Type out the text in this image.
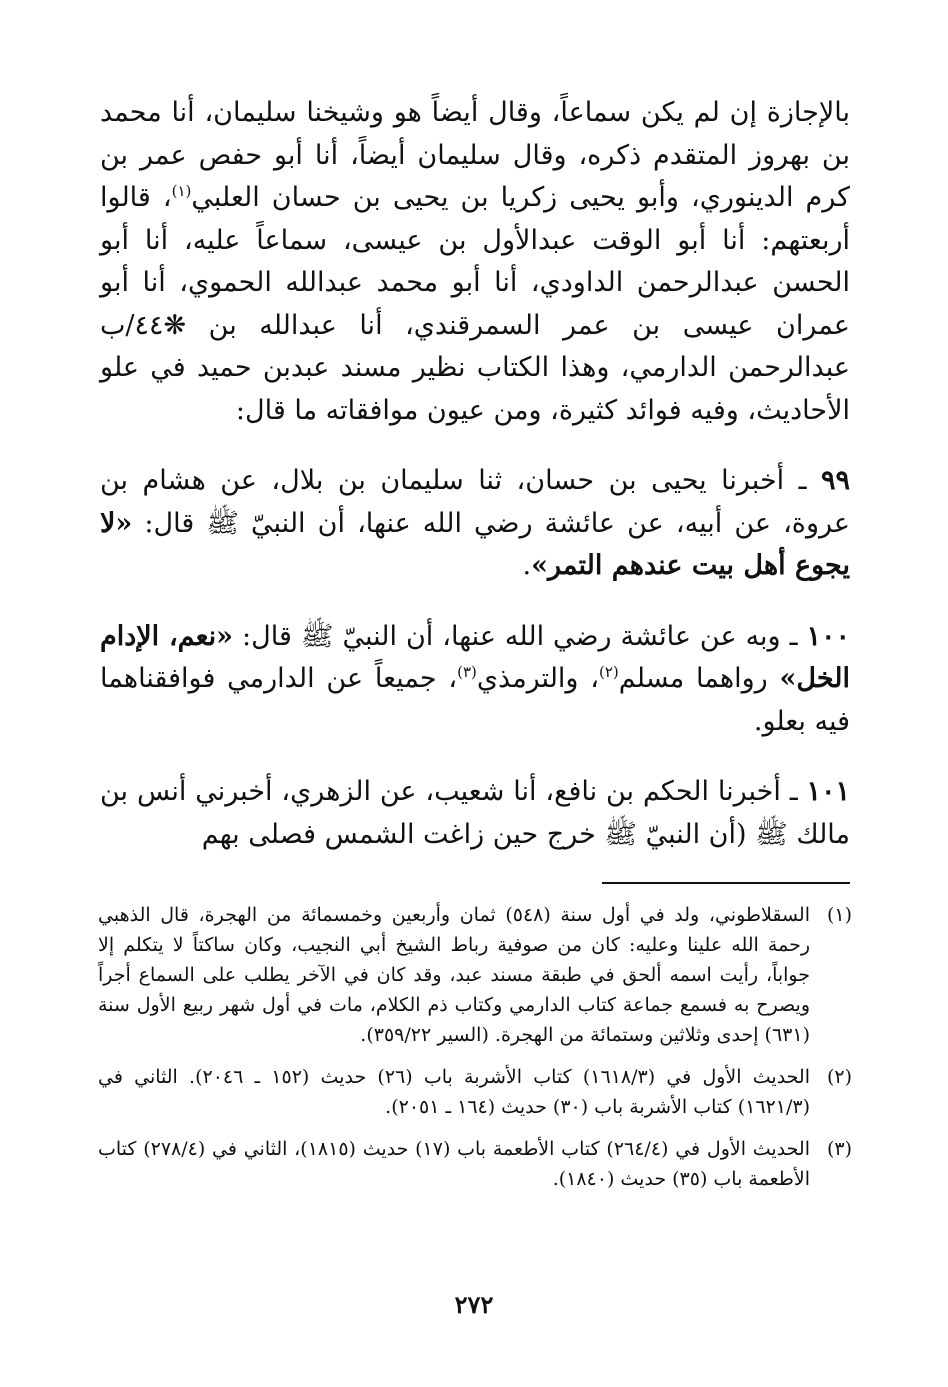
بالإجازة إن لم يكن سماعاً، وقال أيضاً هو وشيخنا سليمان، أنا محمد بن بهروز المتقدم ذكره، وقال سليمان أيضاً، أنا أبو حفص عمر بن كرم الدينوري، وأبو يحيى زكريا بن يحيى بن حسان العلبي$^{(١)}$، قالوا أربعتهم: أنا أبو الوقت عبدالأول بن عيسى، سماعاً عليه، أنا أبو الحسن عبدالرحمن الداودي، أنا أبو محمد عبدالله الحموي، أنا أبو عمران عيسى بن عمر السمرقندي، أنا عبدالله بن ❋٤٤/ب عبدالرحمن الدارمي، وهذا الكتاب نظير مسند عبدبن حميد في علو الأحاديث، وفيه فوائد كثيرة، ومن عيون موافقاته ما قال:

٩٩ ـ أخبرنا يحيى بن حسان، ثنا سليمان بن بلال، عن هشام بن عروة، عن أبيه، عن عائشة رضي الله عنها، أن النبيّ ﷺ قال: «لا يجوع أهل بيت عندهم التمر».

١٠٠ ـ وبه عن عائشة رضي الله عنها، أن النبيّ ﷺ قال: «نعم، الإدام الخل» رواهما مسلم$^{(٢)}$، والترمذي$^{(٣)}$، جميعاً عن الدارمي فوافقناهما فيه بعلو.

١٠١ ـ أخبرنا الحكم بن نافع، أنا شعيب، عن الزهري، أخبرني أنس بن مالك ﷺ (أن النبيّ ﷺ خرج حين زاغت الشمس فصلى بهم

(١)
السقلاطوني، ولد في أول سنة (٥٤٨) ثمان وأربعين وخمسمائة من الهجرة، قال الذهبي رحمة الله علينا وعليه: كان من صوفية رباط الشيخ أبي النجيب، وكان ساكتاً لا يتكلم إلا جواباً، رأيت اسمه ألحق في طبقة مسند عبد، وقد كان في الآخر يطلب على السماع أجراً ويصرح به فسمع جماعة كتاب الدارمي وكتاب ذم الكلام، مات في أول شهر ربيع الأول سنة (٦٣١) إحدى وثلاثين وستمائة من الهجرة. (السير ٣٥٩/٢٢).
(٢)
الحديث الأول في (١٦١٨/٣) كتاب الأشربة باب (٢٦) حديث (١٥٢ ـ ٢٠٤٦). الثاني في (١٦٢١/٣) كتاب الأشربة باب (٣٠) حديث (١٦٤ ـ ٢٠٥١).
(٣)
الحديث الأول في (٢٦٤/٤) كتاب الأطعمة باب (١٧) حديث (١٨١٥)، الثاني في (٢٧٨/٤) كتاب الأطعمة باب (٣٥) حديث (١٨٤٠).
٢٧٢
